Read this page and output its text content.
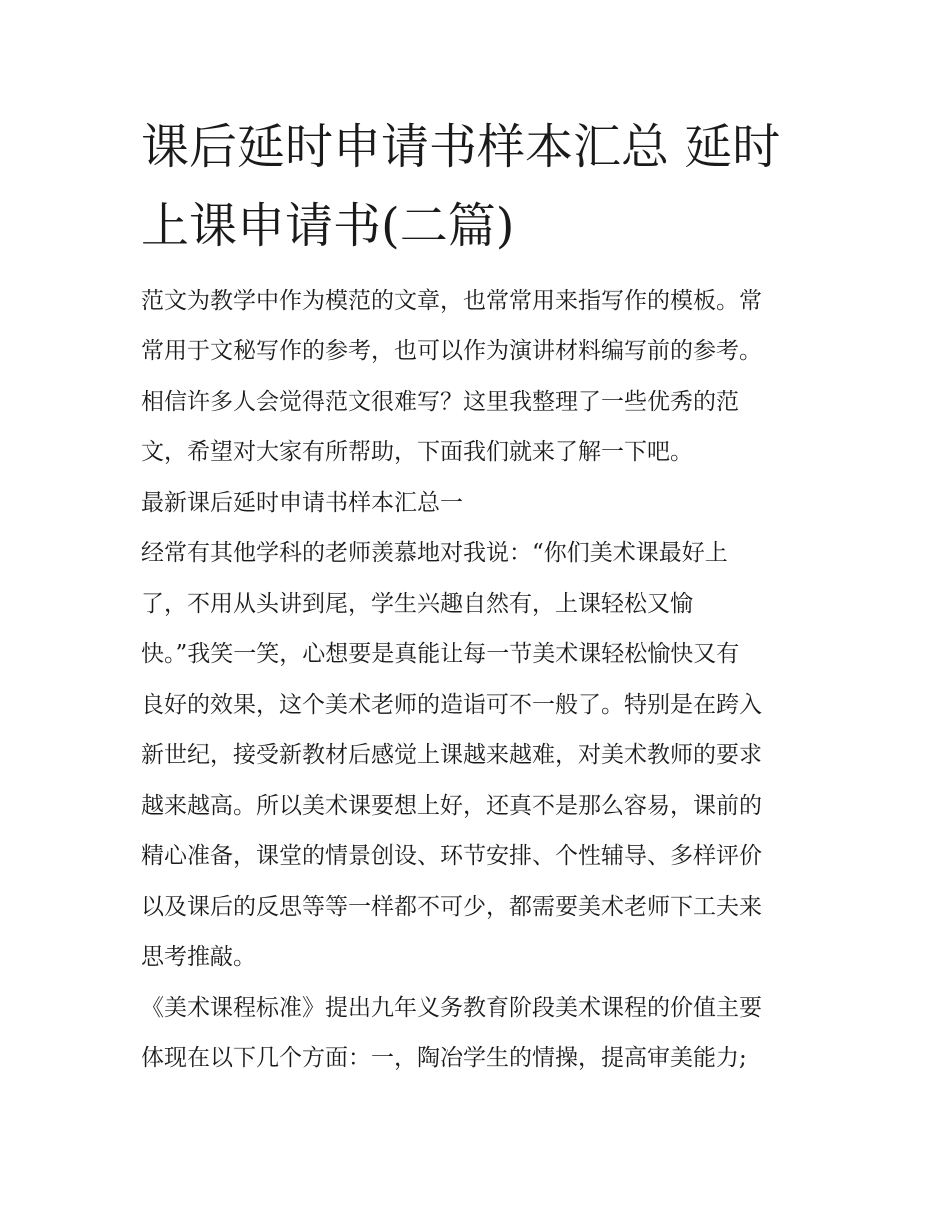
课后延时申请书样本汇总 延时
上课申请书(二篇)
范文为教学中作为模范的文章，也常常用来指写作的模板。常
常用于文秘写作的参考，也可以作为演讲材料编写前的参考。
相信许多人会觉得范文很难写？这里我整理了一些优秀的范
文，希望对大家有所帮助，下面我们就来了解一下吧。
最新课后延时申请书样本汇总一
经常有其他学科的老师羡慕地对我说：“你们美术课最好上
了，不用从头讲到尾，学生兴趣自然有，上课轻松又愉
快。”我笑一笑，心想要是真能让每一节美术课轻松愉快又有
良好的效果，这个美术老师的造诣可不一般了。特别是在跨入
新世纪，接受新教材后感觉上课越来越难，对美术教师的要求
越来越高。所以美术课要想上好，还真不是那么容易，课前的
精心准备，课堂的情景创设、环节安排、个性辅导、多样评价
以及课后的反思等等一样都不可少，都需要美术老师下工夫来
思考推敲。
《美术课程标准》提出九年义务教育阶段美术课程的价值主要
体现在以下几个方面：一，陶冶学生的情操，提高审美能力;
